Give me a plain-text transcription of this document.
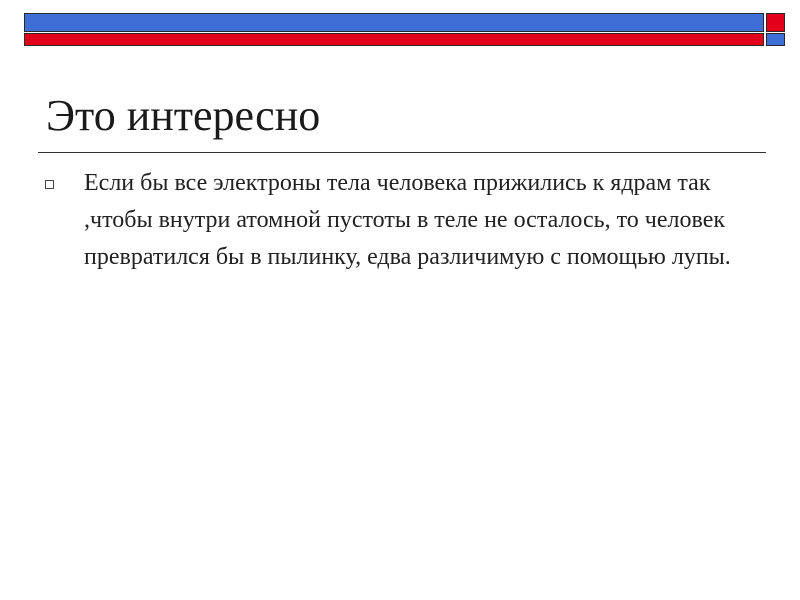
Это интересно
Если бы все электроны тела человека прижились к ядрам так ,чтобы внутри атомной пустоты в теле не осталось, то человек превратился бы в пылинку, едва различимую с помощью лупы.
